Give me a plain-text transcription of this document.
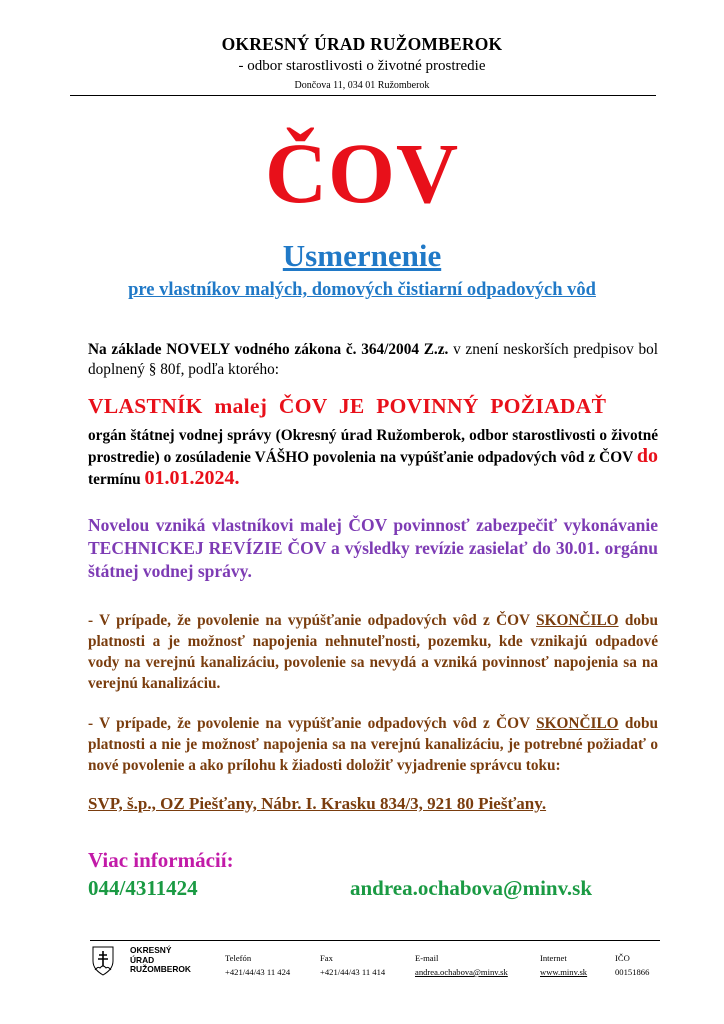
OKRESNÝ ÚRAD RUŽOMBEROK
- odbor starostlivosti o životné prostredie
Dončova 11, 034 01 Ružomberok
ČOV
Usmernenie
pre vlastníkov malých, domových čistiarní odpadových vôd
Na základe NOVELY vodného zákona č. 364/2004 Z.z. v znení neskorších predpisov bol doplnený § 80f, podľa ktorého:
VLASTNÍK malej ČOV JE POVINNÝ POŽIADAŤ
orgán štátnej vodnej správy (Okresný úrad Ružomberok, odbor starostlivosti o životné prostredie) o zosúladenie VÁŠHO povolenia na vypúšťanie odpadových vôd z ČOV do termínu 01.01.2024.
Novelou vzniká vlastníkovi malej ČOV povinnosť zabezpečiť vykonávanie TECHNICKEJ REVÍZIE ČOV a výsledky revízie zasielať do 30.01. orgánu štátnej vodnej správy.
- V prípade, že povolenie na vypúšťanie odpadových vôd z ČOV SKONČILO dobu platnosti a je možnosť napojenia nehnuteľnosti, pozemku, kde vznikajú odpadové vody na verejnú kanalizáciu, povolenie sa nevydá a vzniká povinnosť napojenia sa na verejnú kanalizáciu.
- V prípade, že povolenie na vypúšťanie odpadových vôd z ČOV SKONČILO dobu platnosti a nie je možnosť napojenia sa na verejnú kanalizáciu, je potrebné požiadať o nové povolenie a ako prílohu k žiadosti doložiť vyjadrenie správcu toku:
SVP, š.p., OZ Piešťany, Nábr. I. Krasku 834/3, 921 80 Piešťany.
Viac informácií:
044/4311424	andrea.ochabova@minv.sk
OKRESNÝ
ÚRAD
RUŽOMBEROK
Telefón
+421/44/43 11 424
Fax
+421/44/43 11 414
E-mail
andrea.ochabova@minv.sk
Internet
www.minv.sk
IČO
00151866
